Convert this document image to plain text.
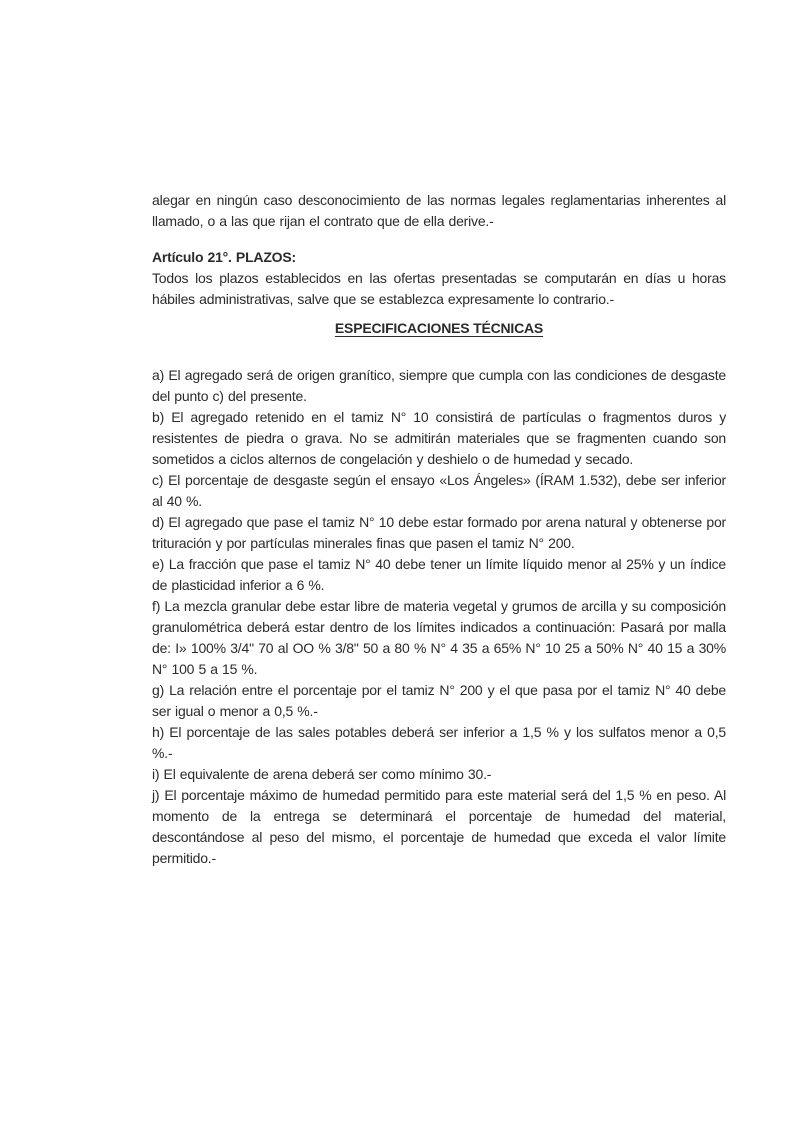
alegar en ningún caso desconocimiento de las normas legales reglamentarias inherentes al llamado, o a las que rijan el contrato que de ella derive.-

Artículo 21°. PLAZOS:

Todos los plazos establecidos en las ofertas presentadas se computarán en días u horas hábiles administrativas, salve que se establezca expresamente lo contrario.-

ESPECIFICACIONES TÉCNICAS

a) El agregado será de origen granítico, siempre que cumpla con las condiciones de desgaste del punto c) del presente.

b) El agregado retenido en el tamiz N° 10 consistirá de partículas o fragmentos duros y resistentes de piedra o grava. No se admitirán materiales que se fragmenten cuando son sometidos a ciclos alternos de congelación y deshielo o de humedad y secado.

c) El porcentaje de desgaste según el ensayo «Los Ángeles» (ÍRAM 1.532), debe ser inferior al 40 %.

d) El agregado que pase el tamiz N° 10 debe estar formado por arena natural y obtenerse por trituración y por partículas minerales finas que pasen el tamiz N° 200.

e) La fracción que pase el tamiz N° 40 debe tener un límite líquido menor al 25% y un índice de plasticidad inferior a 6 %.

f) La mezcla granular debe estar libre de materia vegetal y grumos de arcilla y su composición granulométrica deberá estar dentro de los límites indicados a continuación: Pasará por malla de: I» 100% 3/4" 70 al OO % 3/8" 50 a 80 % N° 4 35 a 65% N° 10 25 a 50% N° 40 15 a 30% N° 100 5 a 15 %.

g) La relación entre el porcentaje por el tamiz N° 200 y el que pasa por el tamiz N° 40 debe ser igual o menor a 0,5 %.-

h) El porcentaje de las sales potables deberá ser inferior a 1,5 % y los sulfatos menor a 0,5 %.-

i) El equivalente de arena deberá ser como mínimo 30.-

j) El porcentaje máximo de humedad permitido para este material será del 1,5 % en peso. Al momento de la entrega se determinará el porcentaje de humedad del material, descontándose al peso del mismo, el porcentaje de humedad que exceda el valor límite permitido.-
